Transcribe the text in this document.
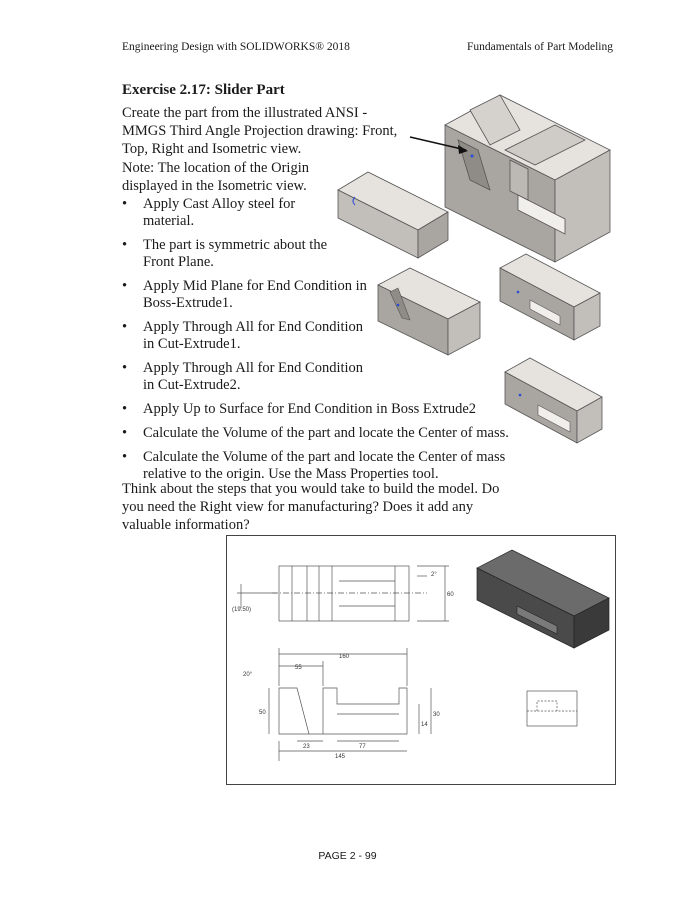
Engineering Design with SOLIDWORKS® 2018	Fundamentals of Part Modeling
Exercise 2.17: Slider Part
Create the part from the illustrated ANSI -
MMGS Third Angle Projection drawing: Front,
Top, Right and Isometric view.
Note: The location of the Origin
displayed in the Isometric view.
• Apply Cast Alloy steel for
material.
• The part is symmetric about the
Front Plane.
• Apply Mid Plane for End Condition in
Boss-Extrude1.
• Apply Through All for End Condition
in Cut-Extrude1.
• Apply Through All for End Condition
in Cut-Extrude2.
• Apply Up to Surface for End Condition in Boss Extrude2
• Calculate the Volume of the part and locate the Center of mass.
• Calculate the Volume of the part and locate the Center of mass
relative to the origin. Use the Mass Properties tool.
Think about the steps that you would take to build the model. Do
you need the Right view for manufacturing? Does it add any
valuable information?
2°
60
(19.50)
160
55
20°
50	30
14
23	77
145
PAGE 2 - 99
